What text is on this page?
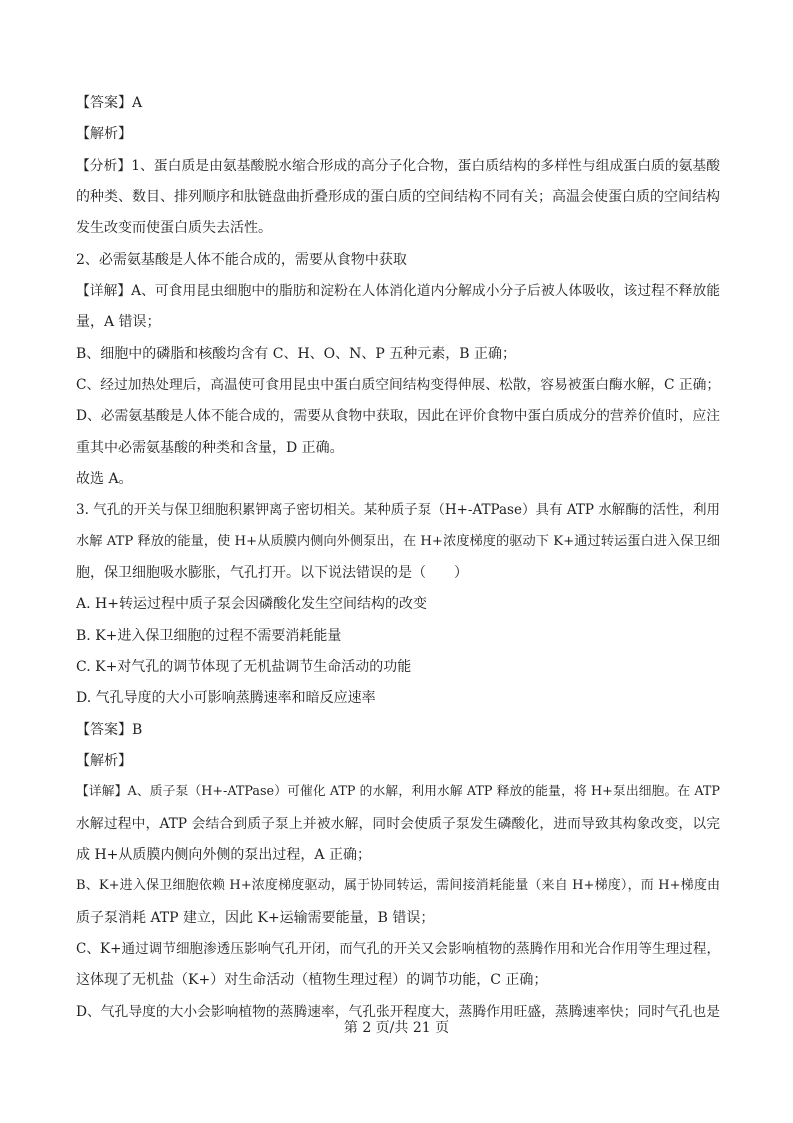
【答案】A
【解析】
【分析】1、蛋白质是由氨基酸脱水缩合形成的高分子化合物，蛋白质结构的多样性与组成蛋白质的氨基酸
的种类、数目、排列顺序和肽链盘曲折叠形成的蛋白质的空间结构不同有关；高温会使蛋白质的空间结构
发生改变而使蛋白质失去活性。
2、必需氨基酸是人体不能合成的，需要从食物中获取
【详解】A、可食用昆虫细胞中的脂肪和淀粉在人体消化道内分解成小分子后被人体吸收，该过程不释放能
量，A 错误；
B、细胞中的磷脂和核酸均含有 C、H、O、N、P 五种元素，B 正确；
C、经过加热处理后，高温使可食用昆虫中蛋白质空间结构变得伸展、松散，容易被蛋白酶水解，C 正确；
D、必需氨基酸是人体不能合成的，需要从食物中获取，因此在评价食物中蛋白质成分的营养价值时，应注
重其中必需氨基酸的种类和含量，D 正确。
故选 A。
3. 气孔的开关与保卫细胞积累钾离子密切相关。某种质子泵（H+-ATPase）具有 ATP 水解酶的活性，利用
水解 ATP 释放的能量，使 H+从质膜内侧向外侧泵出，在 H+浓度梯度的驱动下 K+通过转运蛋白进入保卫细
胞，保卫细胞吸水膨胀，气孔打开。以下说法错误的是（　　）
A. H+转运过程中质子泵会因磷酸化发生空间结构的改变
B. K+进入保卫细胞的过程不需要消耗能量
C. K+对气孔的调节体现了无机盐调节生命活动的功能
D. 气孔导度的大小可影响蒸腾速率和暗反应速率
【答案】B
【解析】
【详解】A、质子泵（H+-ATPase）可催化 ATP 的水解，利用水解 ATP 释放的能量，将 H+泵出细胞。在 ATP
水解过程中，ATP 会结合到质子泵上并被水解，同时会使质子泵发生磷酸化，进而导致其构象改变，以完
成 H+从质膜内侧向外侧的泵出过程，A 正确；
B、K+进入保卫细胞依赖 H+浓度梯度驱动，属于协同转运，需间接消耗能量（来自 H+梯度），而 H+梯度由
质子泵消耗 ATP 建立，因此 K+运输需要能量，B 错误；
C、K+通过调节细胞渗透压影响气孔开闭，而气孔的开关又会影响植物的蒸腾作用和光合作用等生理过程，
这体现了无机盐（K+）对生命活动（植物生理过程）的调节功能，C 正确；
D、气孔导度的大小会影响植物的蒸腾速率，气孔张开程度大，蒸腾作用旺盛，蒸腾速率快；同时气孔也是
第 2 页/共 21 页
